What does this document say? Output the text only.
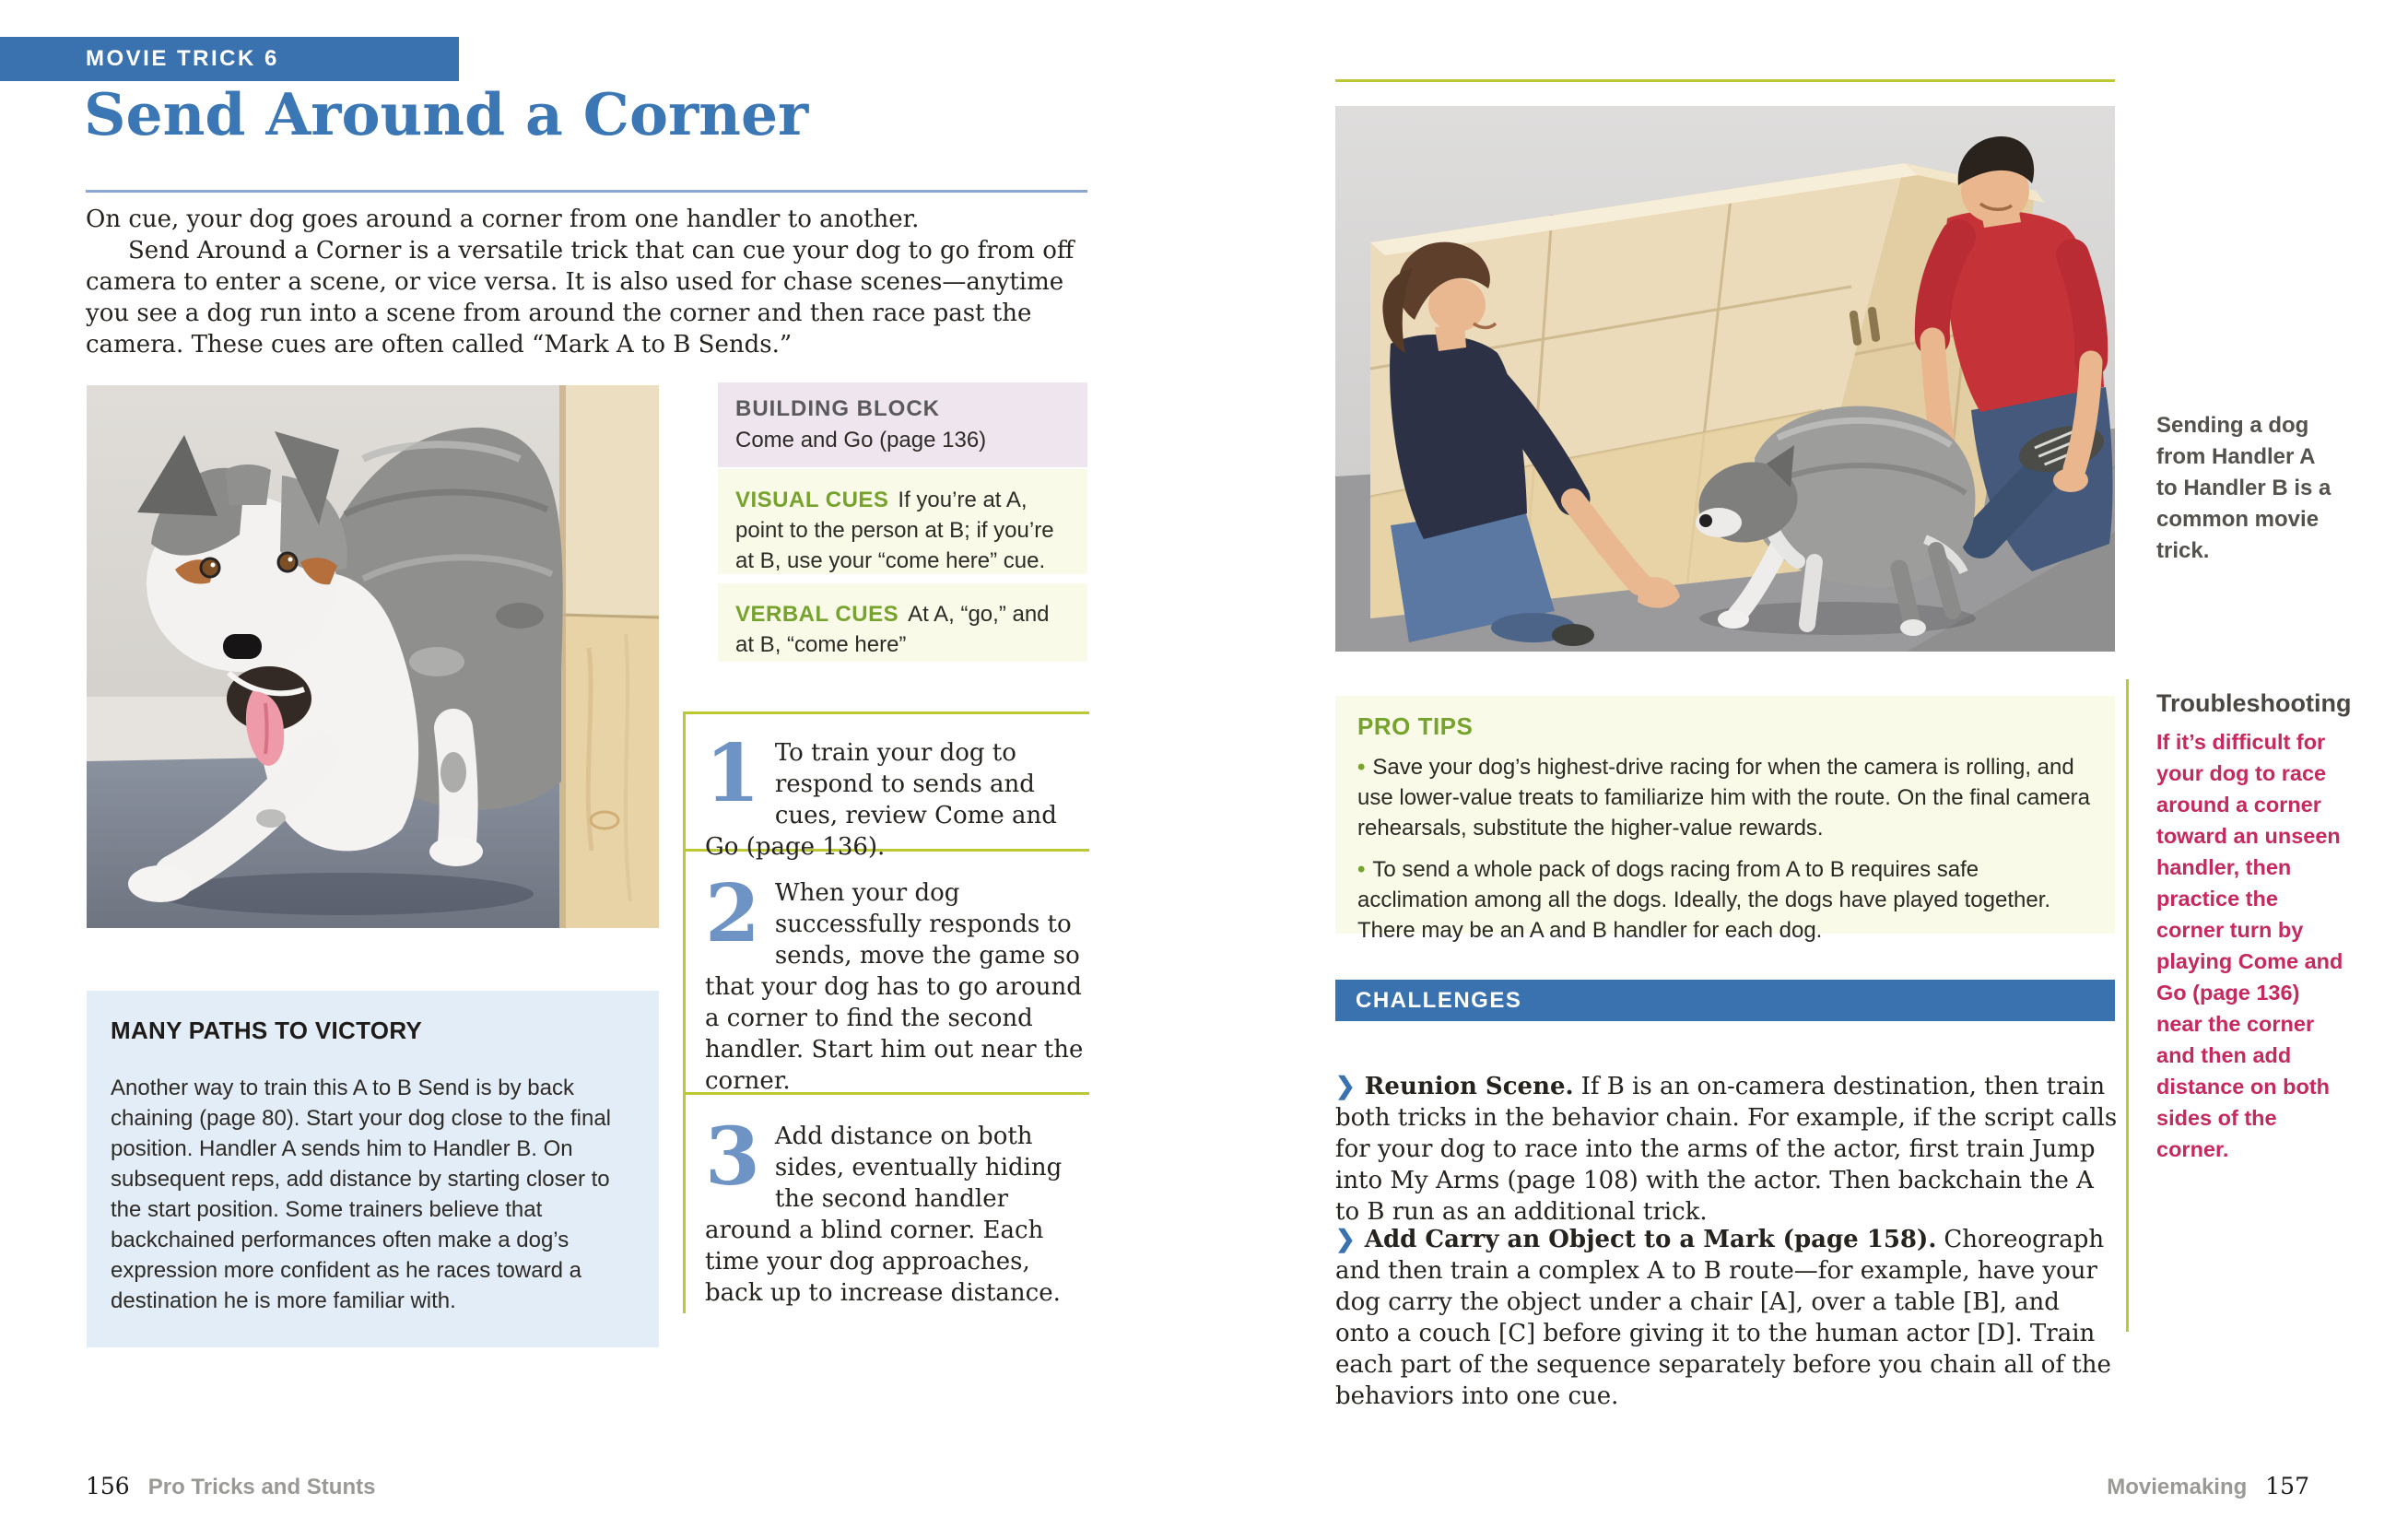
MOVIE TRICK 6
Send Around a Corner

On cue, your dog goes around a corner from one handler to another.

Send Around a Corner is a versatile trick that can cue your dog to go from off camera to enter a scene, or vice versa. It is also used for chase scenes—anytime you see a dog run into a scene from around the corner and then race past the camera. These cues are often called “Mark A to B Sends.”

MANY PATHS TO VICTORY

Another way to train this A to B Send is by back chaining (page 80). Start your dog close to the final position. Handler A sends him to Handler B. On subsequent reps, add distance by starting closer to the start position. Some trainers believe that backchained performances often make a dog’s expression more confident as he races toward a destination he is more familiar with.

BUILDING BLOCK
Come and Go (page 136)
VISUAL CUES If you’re at A, point to the person at B; if you’re at B, use your “come here” cue.
VERBAL CUES At A, “go,” and at B, “come here”
1 To train your dog to respond to sends and cues, review Come and Go (page 136).
2 When your dog successfully responds to sends, move the game so that your dog has to go around a corner to find the second handler. Start him out near the corner.
3 Add distance on both sides, eventually hiding the second handler around a blind corner. Each time your dog approaches, back up to increase distance.
156 Pro Tricks and Stunts
Sending a dog from Handler A to Handler B is a common movie trick.
PRO TIPS

• Save your dog’s highest-drive racing for when the camera is rolling, and use lower-value treats to familiarize him with the route. On the final camera rehearsals, substitute the higher-value rewards.

• To send a whole pack of dogs racing from A to B requires safe acclimation among all the dogs. Ideally, the dogs have played together. There may be an A and B handler for each dog.

CHALLENGES

❯ Reunion Scene. If B is an on-camera destination, then train both tricks in the behavior chain. For example, if the script calls for your dog to race into the arms of the actor, first train Jump into My Arms (page 108) with the actor. Then backchain the A to B run as an additional trick.

❯ Add Carry an Object to a Mark (page 158). Choreograph and then train a complex A to B route—for example, have your dog carry the object under a chair [A], over a table [B], and onto a couch [C] before giving it to the human actor [D]. Train each part of the sequence separately before you chain all of the behaviors into one cue.

Troubleshooting
If it’s difficult for your dog to race around a corner toward an unseen handler, then practice the corner turn by playing Come and Go (page 136) near the corner and then add distance on both sides of the corner.
Moviemaking 157
